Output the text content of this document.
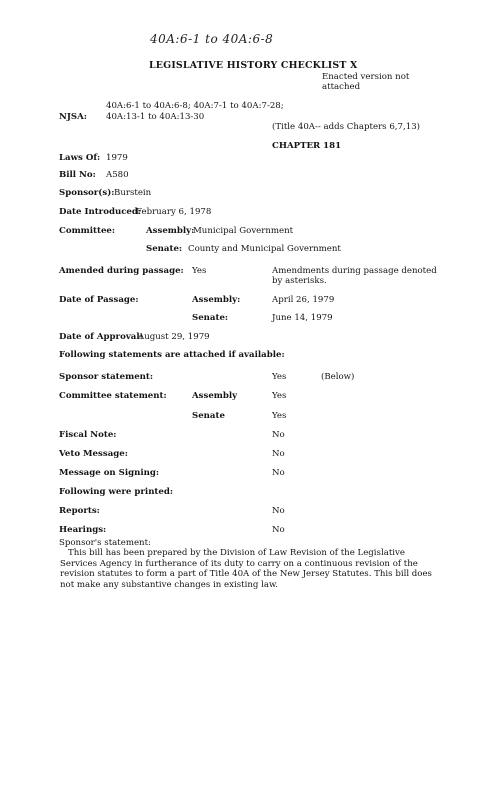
40A:6-1 to 40A:6-8
LEGISLATIVE HISTORY CHECKLIST X
Enacted version not
attached
NJSA:
40A:6-1 to 40A:6-8; 40A:7-1 to 40A:7-28;
40A:13-1 to 40A:13-30
(Title 40A-- adds Chapters 6,7,13)
CHAPTER 181
Laws Of: 1979
Bill No: A580
Sponsor(s): Burstein
Date Introduced:
February 6, 1978
Committee:	Assembly:
Municipal Government
Senate: County and Municipal Government
Amended during passage: Yes	Amendments during passage denoted
by asterisks.
Date of Passage:	Assembly:	April 26, 1979
Senate:	June 14, 1979
Date of Approval:
August 29, 1979
Following statements are attached if available:
Sponsor statement:	Yes	(Below)
Committee statement:	Assembly	Yes
Senate	Yes
Fiscal Note:	No
Veto Message:	No
Message on Signing:	No
Following were printed:
Reports:	No
Hearings:	No
Sponsor's statement:
This bill has been prepared by the Division of Law Revision of the Legislative Services Agency in furtherance of its duty to carry on a continuous revision of the revision statutes to form a part of Title 40A of the New Jersey Statutes. This bill does not make any substantive changes in existing law.
